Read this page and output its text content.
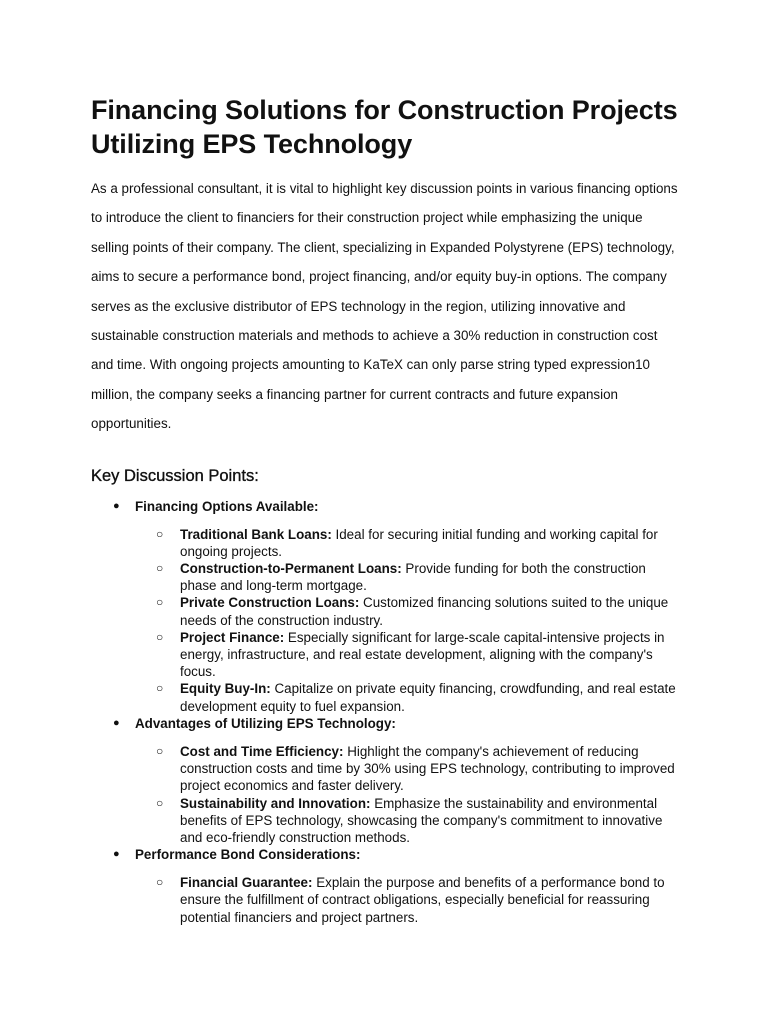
Financing Solutions for Construction Projects Utilizing EPS Technology

As a professional consultant, it is vital to highlight key discussion points in various financing options to introduce the client to financiers for their construction project while emphasizing the unique selling points of their company. The client, specializing in Expanded Polystyrene (EPS) technology, aims to secure a performance bond, project financing, and/or equity buy-in options. The company serves as the exclusive distributor of EPS technology in the region, utilizing innovative and sustainable construction materials and methods to achieve a 30% reduction in construction cost and time. With ongoing projects amounting to KaTeX can only parse string typed expression10 million, the company seeks a financing partner for current contracts and future expansion opportunities.

Key Discussion Points:
● Financing Options Available:
○ Traditional Bank Loans: Ideal for securing initial funding and working capital for ongoing projects.
○ Construction-to-Permanent Loans: Provide funding for both the construction phase and long-term mortgage.
○ Private Construction Loans: Customized financing solutions suited to the unique needs of the construction industry.
○ Project Finance: Especially significant for large-scale capital-intensive projects in energy, infrastructure, and real estate development, aligning with the company's focus.
○ Equity Buy-In: Capitalize on private equity financing, crowdfunding, and real estate development equity to fuel expansion.
● Advantages of Utilizing EPS Technology:
○ Cost and Time Efficiency: Highlight the company's achievement of reducing construction costs and time by 30% using EPS technology, contributing to improved project economics and faster delivery.
○ Sustainability and Innovation: Emphasize the sustainability and environmental benefits of EPS technology, showcasing the company's commitment to innovative and eco-friendly construction methods.
● Performance Bond Considerations:
○ Financial Guarantee: Explain the purpose and benefits of a performance bond to ensure the fulfillment of contract obligations, especially beneficial for reassuring potential financiers and project partners.
